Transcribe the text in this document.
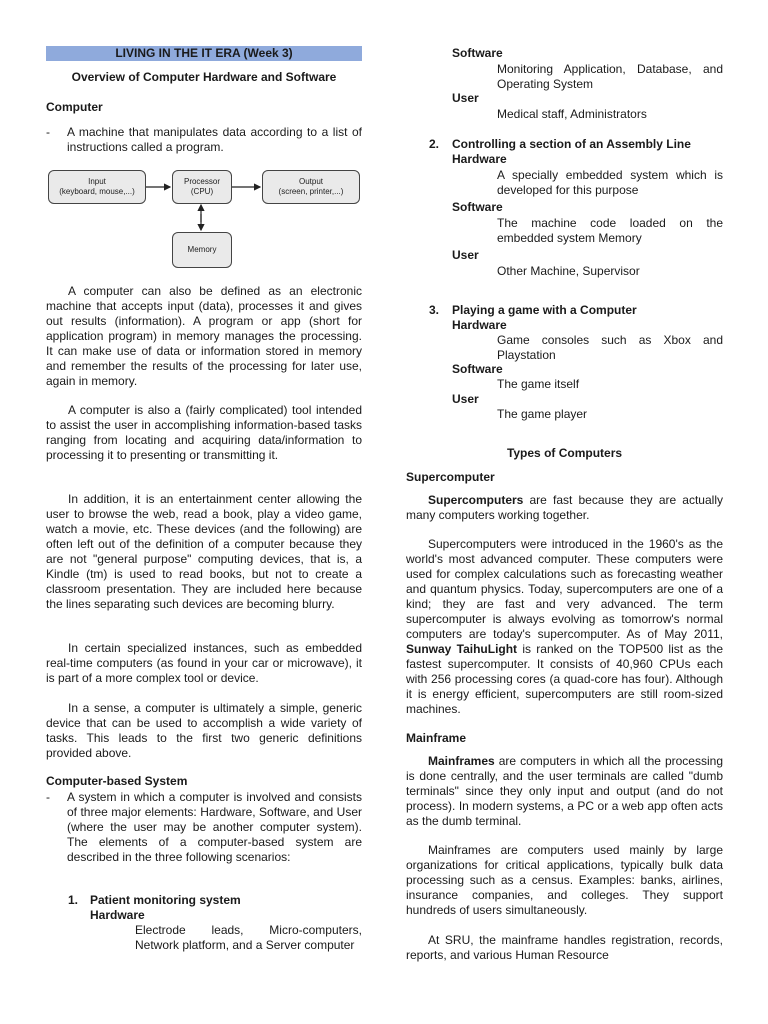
LIVING IN THE IT ERA (Week 3)
Overview of Computer Hardware and Software
Computer
- A machine that manipulates data according to a list of instructions called a program.
Input
(keyboard, mouse,...)
Processor
(CPU)
Output
(screen, printer,...)
Memory
A computer can also be defined as an electronic machine that accepts input (data), processes it and gives out results (information). A program or app (short for application program) in memory manages the processing. It can make use of data or information stored in memory and remember the results of the processing for later use, again in memory.
A computer is also a (fairly complicated) tool intended to assist the user in accomplishing information-based tasks ranging from locating and acquiring data/information to processing it to presenting or transmitting it.
In addition, it is an entertainment center allowing the user to browse the web, read a book, play a video game, watch a movie, etc. These devices (and the following) are often left out of the definition of a computer because they are not "general purpose" computing devices, that is, a Kindle (tm) is used to read books, but not to create a classroom presentation. They are included here because the lines separating such devices are becoming blurry.
In certain specialized instances, such as embedded real-time computers (as found in your car or microwave), it is part of a more complex tool or device.
In a sense, a computer is ultimately a simple, generic device that can be used to accomplish a wide variety of tasks. This leads to the first two generic definitions provided above.
Computer-based System
- A system in which a computer is involved and consists of three major elements: Hardware, Software, and User (where the user may be another computer system). The elements of a computer-based system are described in the three following scenarios:
1. Patient monitoring system
Hardware
Electrode leads, Micro-computers, Network platform, and a Server computer
Software
Monitoring Application, Database, and Operating System
User
Medical staff, Administrators
2. Controlling a section of an Assembly Line
Hardware
A specially embedded system which is developed for this purpose
Software
The machine code loaded on the embedded system Memory
User
Other Machine, Supervisor
3. Playing a game with a Computer
Hardware
Game consoles such as Xbox and Playstation
Software
The game itself
User
The game player
Types of Computers
Supercomputer
Supercomputers are fast because they are actually many computers working together.
Supercomputers were introduced in the 1960's as the world's most advanced computer. These computers were used for complex calculations such as forecasting weather and quantum physics. Today, supercomputers are one of a kind; they are fast and very advanced. The term supercomputer is always evolving as tomorrow's normal computers are today's supercomputer. As of May 2011, Sunway TaihuLight is ranked on the TOP500 list as the fastest supercomputer. It consists of 40,960 CPUs each with 256 processing cores (a quad-core has four). Although it is energy efficient, supercomputers are still room-sized machines.
Mainframe
Mainframes are computers in which all the processing is done centrally, and the user terminals are called "dumb terminals" since they only input and output (and do not process). In modern systems, a PC or a web app often acts as the dumb terminal.
Mainframes are computers used mainly by large organizations for critical applications, typically bulk data processing such as a census. Examples: banks, airlines, insurance companies, and colleges. They support hundreds of users simultaneously.
At SRU, the mainframe handles registration, records, reports, and various Human Resource
